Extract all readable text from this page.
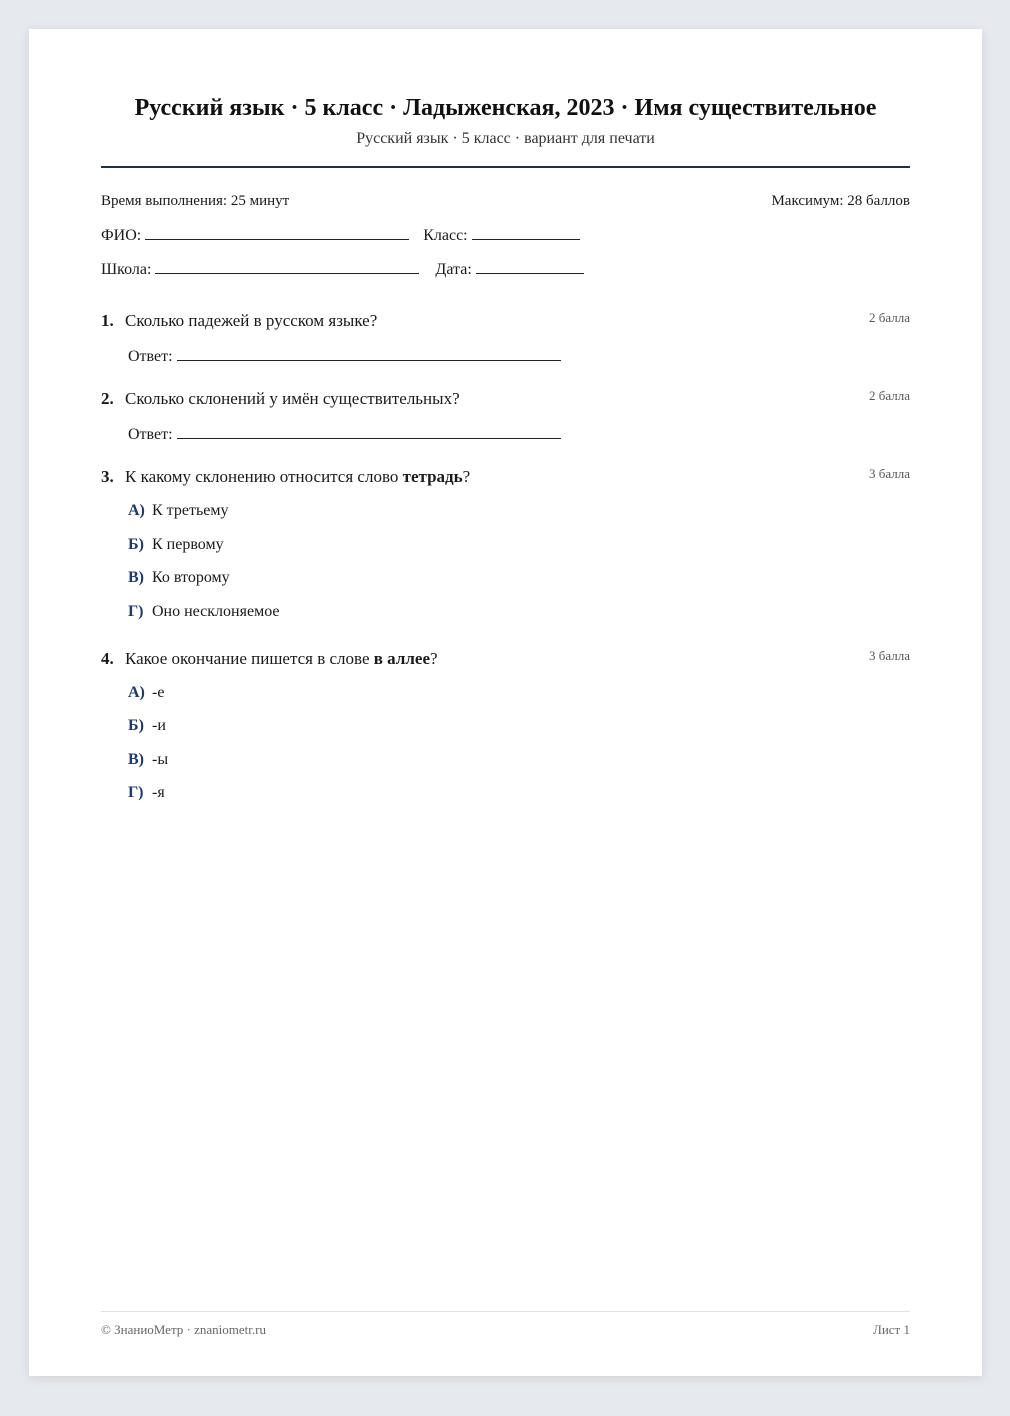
Русский язык · 5 класс · Ладыженская, 2023 · Имя существительное
Русский язык · 5 класс · вариант для печати
Время выполнения: 25 минут	Максимум: 28 баллов
ФИО:	Класс:
Школа:	Дата:
1. Сколько падежей в русском языке?	2 балла
Ответ:
2. Сколько склонений у имён существительных?	2 балла
Ответ:
3. К какому склонению относится слово тетрадь?	3 балла
А) К третьему
Б) К первому
В) Ко второму
Г) Оно несклоняемое
4. Какое окончание пишется в слове в аллее?	3 балла
А) -е
Б) -и
В) -ы
Г) -я
© ЗнаниоМетр · znaniometr.ru	Лист 1
